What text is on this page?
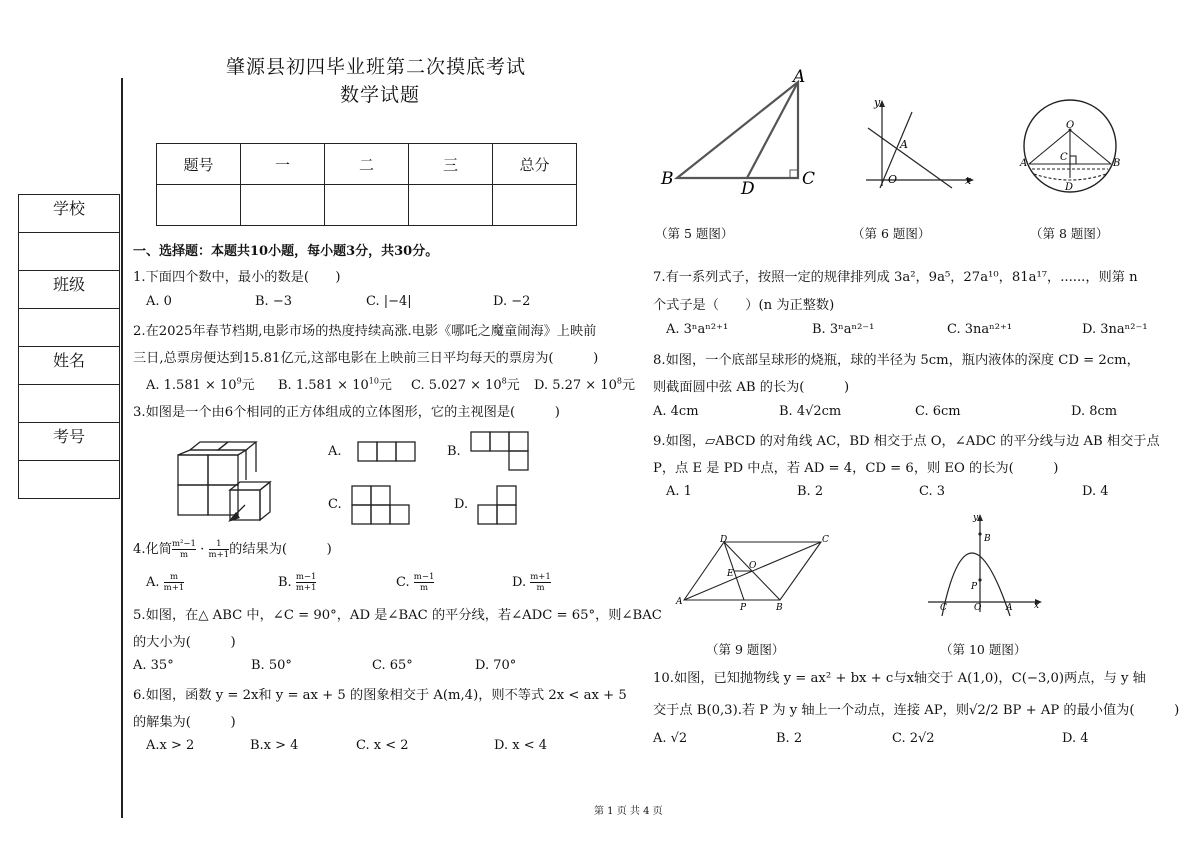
肇源县初四毕业班第二次摸底考试
数学试题
题号	一	二	三	总分

学校

班级

姓名

考号

一、选择题：本题共10小题，每小题3分，共30分。
1.下面四个数中，最小的数是(　　)
A. 0	B. −3	C. |−4|	D. −2
2.在2025年春节档期,电影市场的热度持续高涨.电影《哪吒之魔童闹海》上映前
三日,总票房便达到15.81亿元,这部电影在上映前三日平均每天的票房为(　　　)
A. $1.581 \times 10^9$元 B. $1.581 \times 10^{10}$元 C. $5.027 \times 10^8$元 D. $5.27 \times 10^8$元
3.如图是一个由6个相同的正方体组成的立体图形，它的主视图是(　　　)
A.	B.
C.	D.
4.化简 $\frac{\text{m²−1}}{m} \cdot \frac{1}{m+1}$ 的结果为(　　　)
A. $\frac{m}{m+1}$	B. $\frac{m-1}{m+1}$	C. $\frac{m-1}{m}$	D. $\frac{m+1}{m}$
5.如图，在△ ABC 中，∠C = 90°，AD 是∠BAC 的平分线，若∠ADC = 65°，则∠BAC
的大小为(　　　)
A. 35°	B. 50°	C. 65°	D. 70°
6.如图，函数 y = 2x和 y = ax + 5 的图象相交于 A(m,4)，则不等式 2x < ax + 5
的解集为(　　　)
A.x > 2	B.x > 4	C. x < 2	D. x < 4
A
B	D	C
y
A
O	x
O
C
A	B
D
（第 5 题图）	（第 6 题图）	（第 8 题图）
7.有一系列式子，按照一定的规律排列成 3a²，9a⁵，27a¹⁰，81a¹⁷，......，则第 n
个式子是（　　）(n 为正整数)
A. 3ⁿaⁿ²⁺¹	B. 3ⁿaⁿ²⁻¹	C. 3naⁿ²⁺¹	D. 3naⁿ²⁻¹
8.如图，一个底部呈球形的烧瓶，球的半径为 5cm，瓶内液体的深度 CD = 2cm，
则截面圆中弦 AB 的长为(　　　)
A. 4cm	B. 4√2cm	C. 6cm	D. 8cm
9.如图，▱ABCD 的对角线 AC，BD 相交于点 O，∠ADC 的平分线与边 AB 相交于点
P，点 E 是 PD 中点，若 AD = 4，CD = 6，则 EO 的长为(　　　)
A. 1	B. 2	C. 3	D. 4
D	C
O
E
A
P	B
y
B
P
C	O	A x
（第 9 题图）	（第 10 题图）
10.如图，已知抛物线 y = ax² + bx + c与x轴交于 A(1,0)，C(−3,0)两点，与 y 轴
交于点 B(0,3).若 P 为 y 轴上一个动点，连接 AP，则√2/2 BP + AP 的最小值为(　　　)
A. √2	B. 2	C. 2√2	D. 4
第 1 页 共 4 页
